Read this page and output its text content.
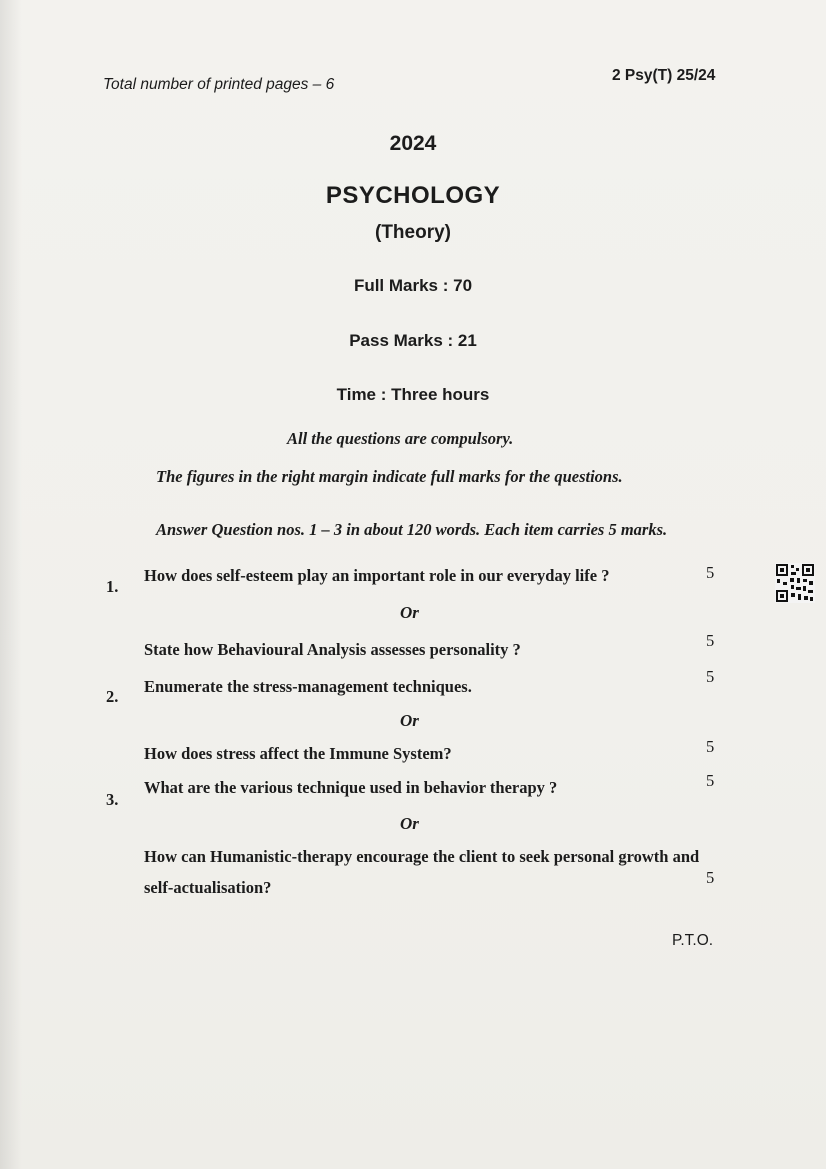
Total number of printed pages – 6
2 Psy(T) 25/24
2024
PSYCHOLOGY
(Theory)
Full Marks : 70
Pass Marks : 21
Time : Three hours
All the questions are compulsory.
The figures in the right margin indicate full marks for the questions.
Answer Question nos. 1 – 3 in about 120 words. Each item carries 5 marks.
1.
How does self-esteem play an important role in our everyday life ?	5
Or
State how Behavioural Analysis assesses personality ?	5
2.
Enumerate the stress-management techniques.
5
Or
How does stress affect the Immune System?	5
3.
What are the various technique used in behavior therapy ?	5
Or
How can Humanistic-therapy encourage the client to seek personal growth and
self-actualisation?
5
P.T.O.
